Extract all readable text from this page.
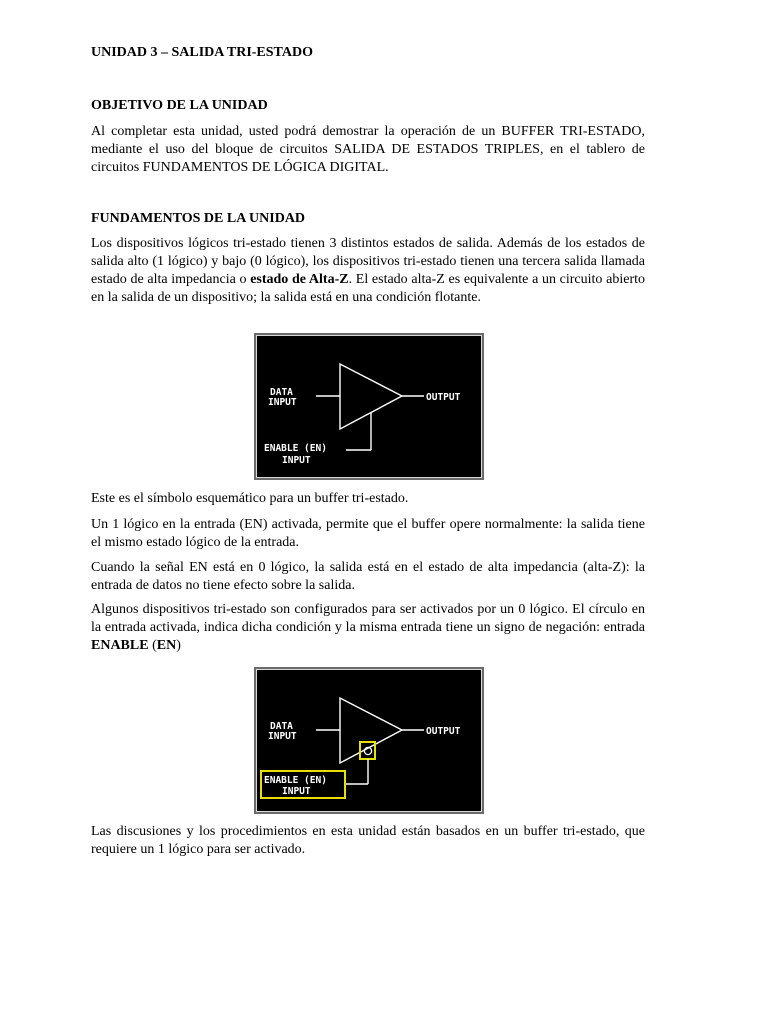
UNIDAD 3 – SALIDA TRI-ESTADO
OBJETIVO DE LA UNIDAD
Al completar esta unidad, usted podrá demostrar la operación de un BUFFER TRI-ESTADO, mediante el uso del bloque de circuitos SALIDA DE ESTADOS TRIPLES, en el tablero de circuitos FUNDAMENTOS DE LÓGICA DIGITAL.
FUNDAMENTOS DE LA UNIDAD
Los dispositivos lógicos tri-estado tienen 3 distintos estados de salida. Además de los estados de salida alto (1 lógico) y bajo (0 lógico), los dispositivos tri-estado tienen una tercera salida llamada estado de alta impedancia o estado de Alta-Z. El estado alta-Z es equivalente a un circuito abierto en la salida de un dispositivo; la salida está en una condición flotante.
Este es el símbolo esquemático para un buffer tri-estado.
Un 1 lógico en la entrada (EN) activada, permite que el buffer opere normalmente: la salida tiene el mismo estado lógico de la entrada.
Cuando la señal EN está en 0 lógico, la salida está en el estado de alta impedancia (alta-Z): la entrada de datos no tiene efecto sobre la salida.
Algunos dispositivos tri-estado son configurados para ser activados por un 0 lógico. El círculo en la entrada activada, indica dicha condición y la misma entrada tiene un signo de negación: entrada ENABLE (EN)
Las discusiones y los procedimientos en esta unidad están basados en un buffer tri-estado, que requiere un 1 lógico para ser activado.
DATA
INPUT	OUTPUT
ENABLE (EN)
INPUT
DATA
INPUT	OUTPUT
ENABLE (EN)
INPUT
